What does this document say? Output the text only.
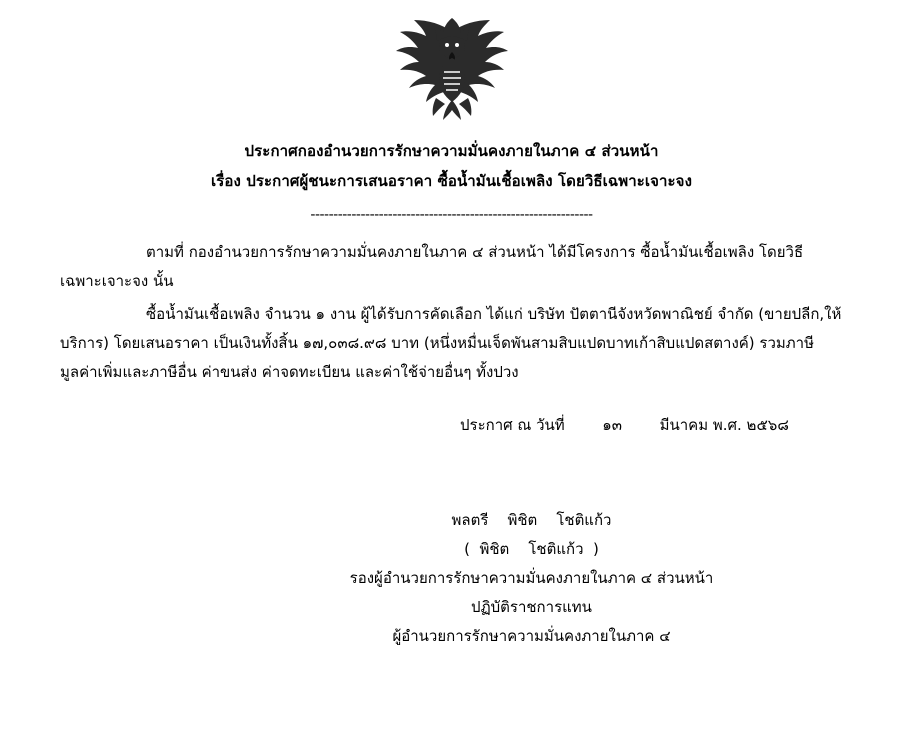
ประกาศกองอำนวยการรักษาความมั่นคงภายในภาค ๔ ส่วนหน้า
เรื่อง ประกาศผู้ชนะการเสนอราคา ซื้อน้ำมันเชื้อเพลิง โดยวิธีเฉพาะเจาะจง
--------------------------------------------------------------

ตามที่ กองอำนวยการรักษาความมั่นคงภายในภาค ๔ ส่วนหน้า ได้มีโครงการ ซื้อน้ำมันเชื้อเพลิง โดยวิธีเฉพาะเจาะจง นั้น

ซื้อน้ำมันเชื้อเพลิง จำนวน ๑ งาน ผู้ได้รับการคัดเลือก ได้แก่ บริษัท ปัตตานีจังหวัดพาณิชย์ จำกัด (ขายปลีก,ให้บริการ) โดยเสนอราคา เป็นเงินทั้งสิ้น ๑๗,๐๓๘.๙๘ บาท (หนึ่งหมื่นเจ็ดพันสามสิบแปดบาทเก้าสิบแปดสตางค์) รวมภาษีมูลค่าเพิ่มและภาษีอื่น ค่าขนส่ง ค่าจดทะเบียน และค่าใช้จ่ายอื่นๆ ทั้งปวง

ประกาศ ณ วันที่	๑๓	มีนาคม พ.ศ. ๒๕๖๘
พลตรี    พิชิต    โชติแก้ว
(  พิชิต    โชติแก้ว  )
รองผู้อำนวยการรักษาความมั่นคงภายในภาค ๔ ส่วนหน้า
ปฏิบัติราชการแทน
ผู้อำนวยการรักษาความมั่นคงภายในภาค ๔
